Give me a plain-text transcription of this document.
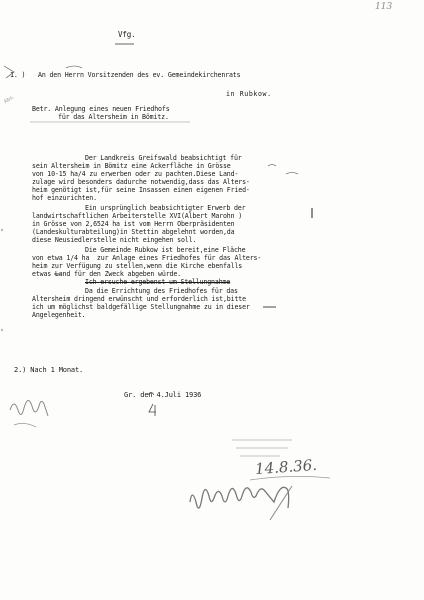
113
Vfg.
1. ) An den Herrn Vorsitzenden des ev. Gemeindekirchenrats
in Rubkow.
Abs.
Betr. Anlegung eines neuen Friedhofs
für das Altersheim in Bömitz.
Der Landkreis Greifswald beabsichtigt für
sein Altersheim in Bömitz eine Ackerfläche in Grösse
von 10-15 ha/4 zu erwerben oder zu pachten.Diese Land-
zulage wird besonders dadurche notwendig,dass das Alters-
heim genötigt ist,für seine Insassen einen eigenen Fried-
hof einzurichten.
Ein ursprünglich beabsichtigter Erwerb der
landwirtschaftlichen Arbeiterstelle XVI(Albert Marohn )
in Grösse von 2,6524 ha ist vom Herrn Oberpräsidenten
(Landeskulturabteilung)in Stettin abgelehnt worden,da
diese Neusiedlerstelle nicht eingehen soll.
Die Gemeinde Rubkow ist bereit,eine Fläche
von etwa 1/4 ha  zur Anlage eines Friedhofes für das Alters-
heim zur Verfügung zu stellen,wenn die Kirche ebenfalls
etwas Land für den Zweck abgeben würde.
Ich ersuche ergebenst um Stellungnahme
Da die Errichtung des Friedhofes für das
Altersheim dringend erwünscht und erforderlich ist,bitte
ich um möglichst baldgefällige Stellungnahme zu in dieser
Angelegenheit.
2.) Nach 1 Monat.
Gr. den 4.Juli 1936
14.8.36.
